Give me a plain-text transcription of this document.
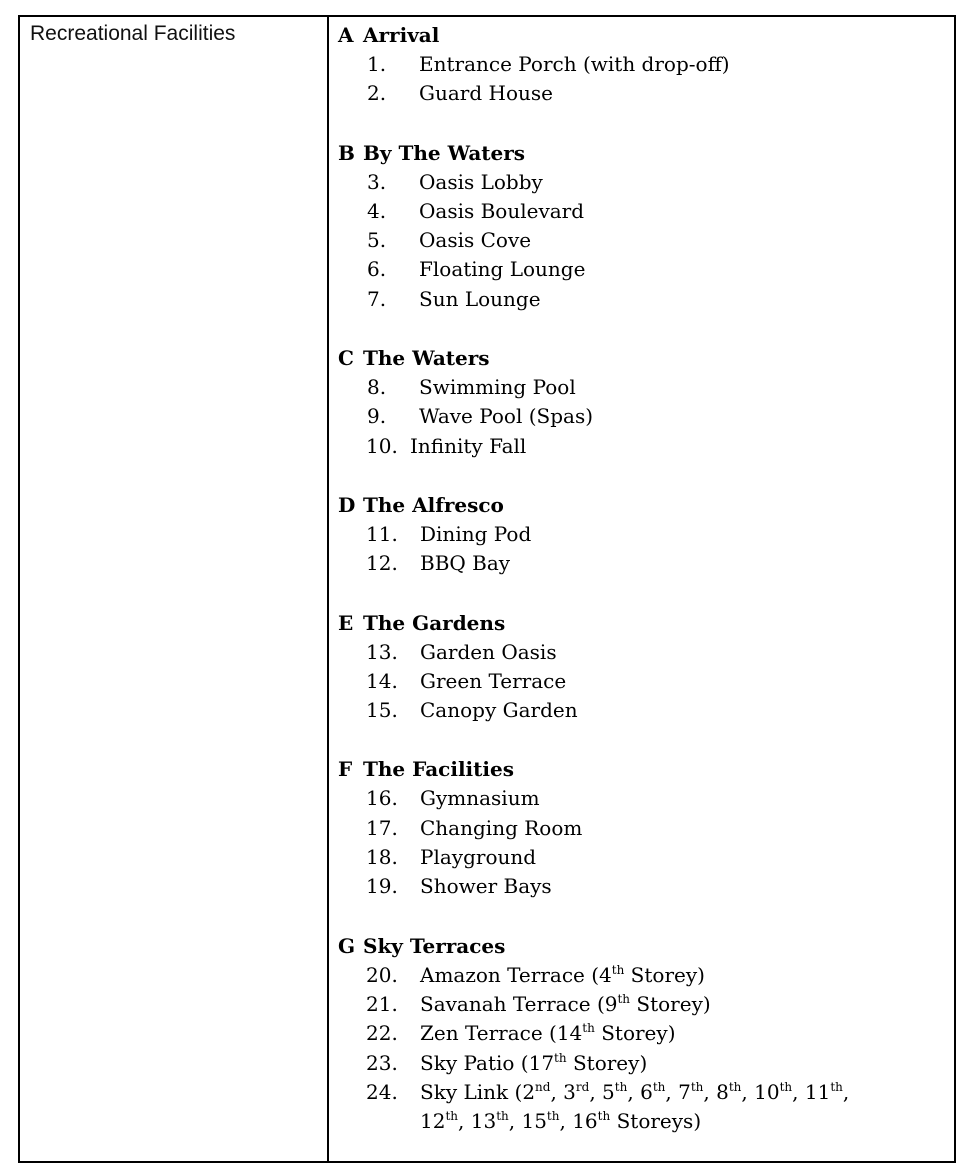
Recreational Facilities	A Arrival
1.	Entrance Porch (with drop-off)
2.	Guard House
B By The Waters
3.	Oasis Lobby
4.	Oasis Boulevard
5.	Oasis Cove
6.	Floating Lounge
7.	Sun Lounge
C The Waters
8.	Swimming Pool
9.	Wave Pool (Spas)
10. Infinity Fall
D The Alfresco
11.	Dining Pod
12.	BBQ Bay
E The Gardens
13.	Garden Oasis
14.	Green Terrace
15.	Canopy Garden
F The Facilities
16.	Gymnasium
17.	Changing Room
18.	Playground
19.	Shower Bays
G Sky Terraces
20.	Amazon Terrace (4th Storey)
21.	Savanah Terrace (9th Storey)
22.	Zen Terrace (14th Storey)
23.	Sky Patio (17th Storey)
24.	Sky Link (2nd, 3rd, 5th, 6th, 7th, 8th, 10th, 11th, 12th, 13th, 15th, 16th Storeys)
